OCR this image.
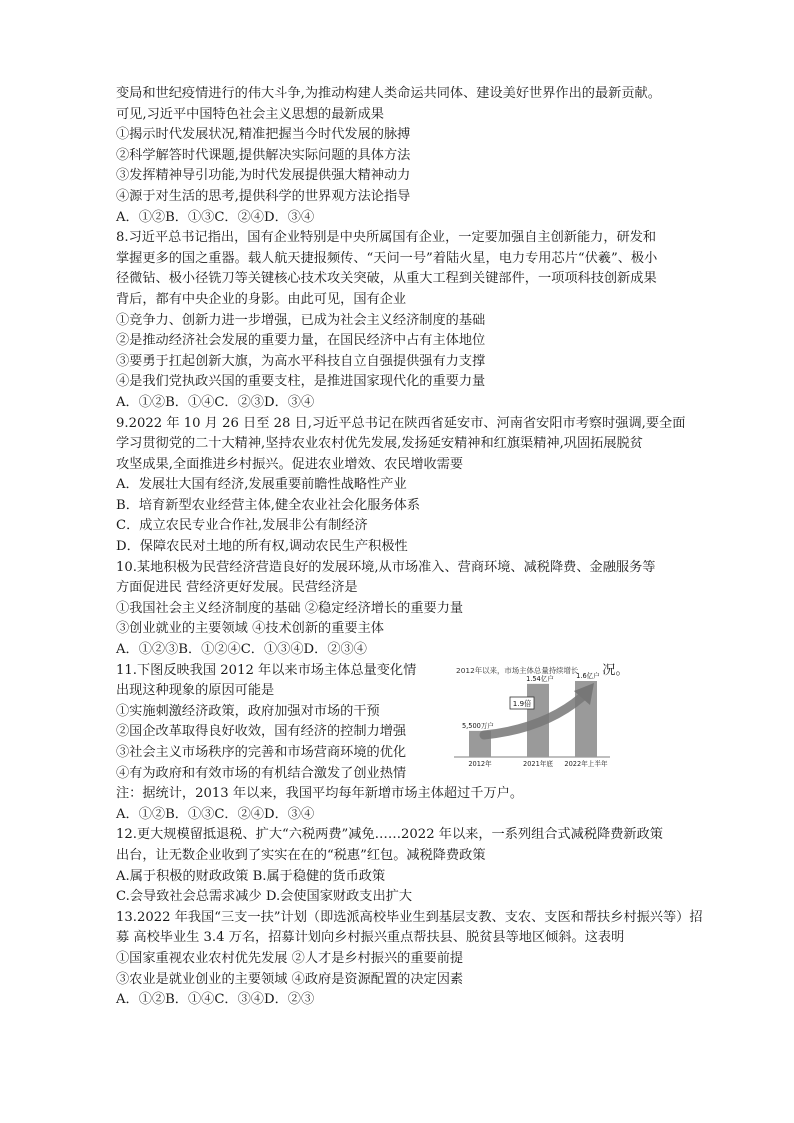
变局和世纪疫情进行的伟大斗争,为推动构建人类命运共同体、建设美好世界作出的最新贡献。
可见,习近平中国特色社会主义思想的最新成果
①揭示时代发展状况,精准把握当今时代发展的脉搏
②科学解答时代课题,提供解决实际问题的具体方法
③发挥精神导引功能,为时代发展提供强大精神动力
④源于对生活的思考,提供科学的世界观方法论指导
A．①②B．①③C．②④D．③④
8.习近平总书记指出，国有企业特别是中央所属国有企业，一定要加强自主创新能力，研发和
掌握更多的国之重器。载人航天捷报频传、“天问一号”着陆火星，电力专用芯片“伏羲”、极小
径微钻、极小径铣刀等关键核心技术攻关突破，从重大工程到关键部件，一项项科技创新成果
背后，都有中央企业的身影。由此可见，国有企业
①竞争力、创新力进一步增强，已成为社会主义经济制度的基础
②是推动经济社会发展的重要力量，在国民经济中占有主体地位
③要勇于扛起创新大旗，为高水平科技自立自强提供强有力支撑
④是我们党执政兴国的重要支柱，是推进国家现代化的重要力量
A．①②B．①④C．②③D．③④
9.2022 年 10 月 26 日至 28 日,习近平总书记在陕西省延安市、河南省安阳市考察时强调,要全面
学习贯彻党的二十大精神,坚持农业农村优先发展,发扬延安精神和红旗渠精神,巩固拓展脱贫
攻坚成果,全面推进乡村振兴。促进农业增效、农民增收需要
A．发展壮大国有经济,发展重要前瞻性战略性产业
B．培育新型农业经营主体,健全农业社会化服务体系
C．成立农民专业合作社,发展非公有制经济
D．保障农民对土地的所有权,调动农民生产积极性
10.某地积极为民营经济营造良好的发展环境,从市场准入、营商环境、减税降费、金融服务等
方面促进民 营经济更好发展。民营经济是
①我国社会主义经济制度的基础 ②稳定经济增长的重要力量
③创业就业的主要领域 ④技术创新的重要主体
A．①②③B．①②④C．①③④D．②③④
11.下图反映我国 2012 年以来市场主体总量变化情	况。
出现这种现象的原因可能是
①实施刺激经济政策，政府加强对市场的干预
②国企改革取得良好收效，国有经济的控制力增强
③社会主义市场秩序的完善和市场营商环境的优化
④有为政府和有效市场的有机结合激发了创业热情
注：据统计，2013 年以来，我国平均每年新增市场主体超过千万户。
A．①②B．①③C．②④D．③④
2012年以来，市场主体总量持续增长
5,500万户
2012年
1.54亿户
2021年底
1.6亿户
2022年上半年
1.9倍
12.更大规模留抵退税、扩大“六税两费”减免……2022 年以来，一系列组合式减税降费新政策
出台，让无数企业收到了实实在在的“税惠”红包。减税降费政策
A.属于积极的财政政策 B.属于稳健的货币政策
C.会导致社会总需求减少 D.会使国家财政支出扩大
13.2022 年我国“三支一扶”计划（即选派高校毕业生到基层支教、支农、支医和帮扶乡村振兴等）招
募 高校毕业生 3.4 万名，招募计划向乡村振兴重点帮扶县、脱贫县等地区倾斜。这表明
①国家重视农业农村优先发展 ②人才是乡村振兴的重要前提
③农业是就业创业的主要领域 ④政府是资源配置的决定因素
A．①②B．①④C．③④D．②③
